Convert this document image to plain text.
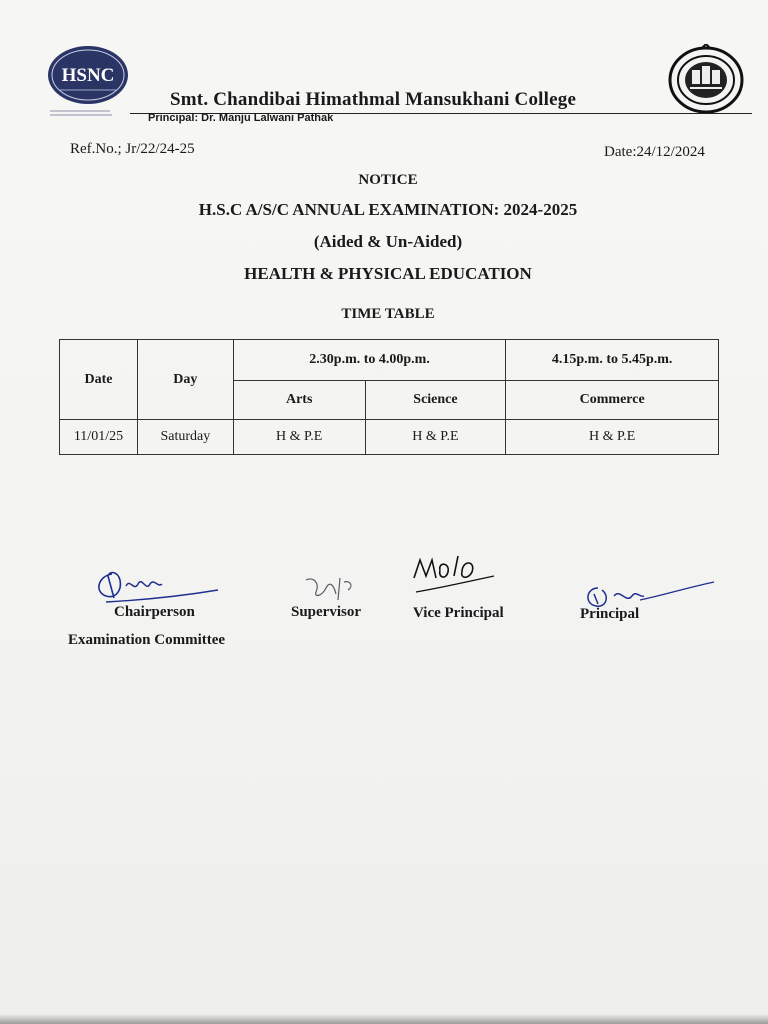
HSNC
Smt. Chandibai Himathmal Mansukhani College
Principal: Dr. Manju Lalwani Pathak
Ref.No.; Jr/22/24-25	Date:24/12/2024
NOTICE
H.S.C A/S/C ANNUAL EXAMINATION: 2024-2025
(Aided & Un-Aided)
HEALTH & PHYSICAL EDUCATION
TIME TABLE
Date	Day	2.30p.m. to 4.00p.m.		4.15p.m. to 5.45p.m.
		Arts	Science	Commerce
11/01/25	Saturday	H & P.E	H & P.E	H & P.E
Chairperson
Examination Committee
Supervisor	Vice Principal	Principal
